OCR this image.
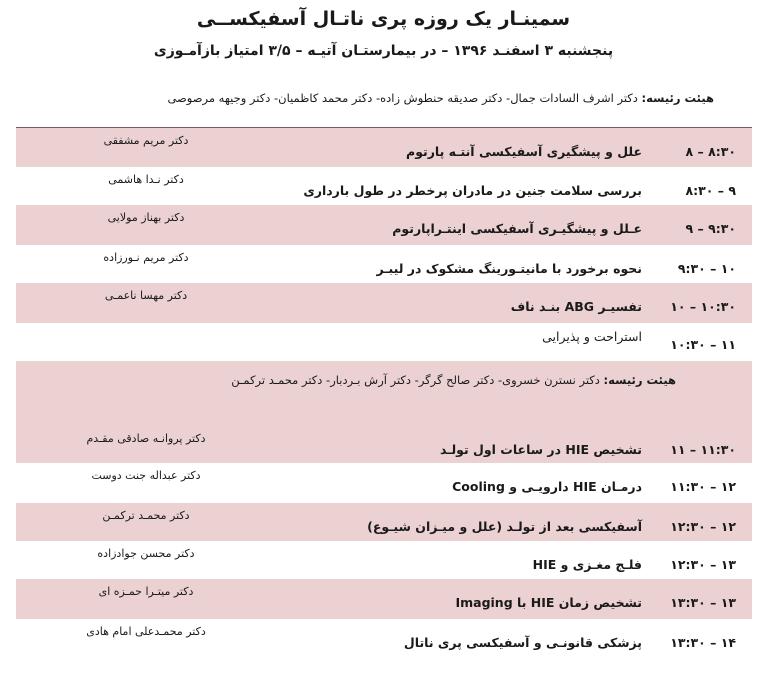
سمینـار یک روزه پری ناتـال آسفیکســی
پنجشنبه ۳ اسفنـد ۱۳۹۶ – در بیمارستـان آتیـه – ۳/۵ امتیاز بازآمـوزی
هیئت رئیسه: دکتر اشرف السادات جمال- دکتر صدیقه حنطوش زاده- دکتر محمد کاظمیان- دکتر وجیهه مرصوصی
۸:۳۰ – ۸
علل و پیشگیری آسفیکسی آنتـه پارتوم
دکتر مریم مشفقی
۹ – ۸:۳۰
بررسی سلامت جنین در مادران پرخطر در طول بارداری
دکتر نـدا هاشمی
۹:۳۰ – ۹
عـلل و پیشگیـری آسفیکسی اینتـراپارتوم
دکتر بهناز مولایی
۱۰ – ۹:۳۰
نحوه برخورد با مانیتـورینگ مشکوک در لیبـر
دکتر مریم نـورزاده
۱۰:۳۰ – ۱۰
تفسیـر ABG بنـد ناف
دکتر مهسا ناعمـی
۱۱ – ۱۰:۳۰
استراحت و پذیرایی
هیئت رئیسه: دکتر نسترن خسروی- دکتر صالح گرگر- دکتر آرش بـردبار- دکتر محمـد ترکمـن
۱۱:۳۰ – ۱۱
تشخیص HIE در ساعات اول تولـد
دکتر پروانـه صادقی مقـدم
۱۲ – ۱۱:۳۰
درمـان HIE دارویـی و Cooling
دکتر عبداله جنت دوست
۱۲ – ۱۲:۳۰
آسفیکسی بعد از تولـد (علل و میـزان شیـوع)
دکتر محمـد ترکمـن
۱۳ – ۱۲:۳۰
فلـج مغـزی و HIE
دکتر محسن جوادزاده
۱۳ – ۱۳:۳۰
تشخیص زمان HIE با Imaging
دکتر میتـرا حمـزه ای
۱۴ – ۱۳:۳۰
پزشکی قانونـی و آسفیکسی پری ناتال
دکتر محمـدعلی امام هادی
